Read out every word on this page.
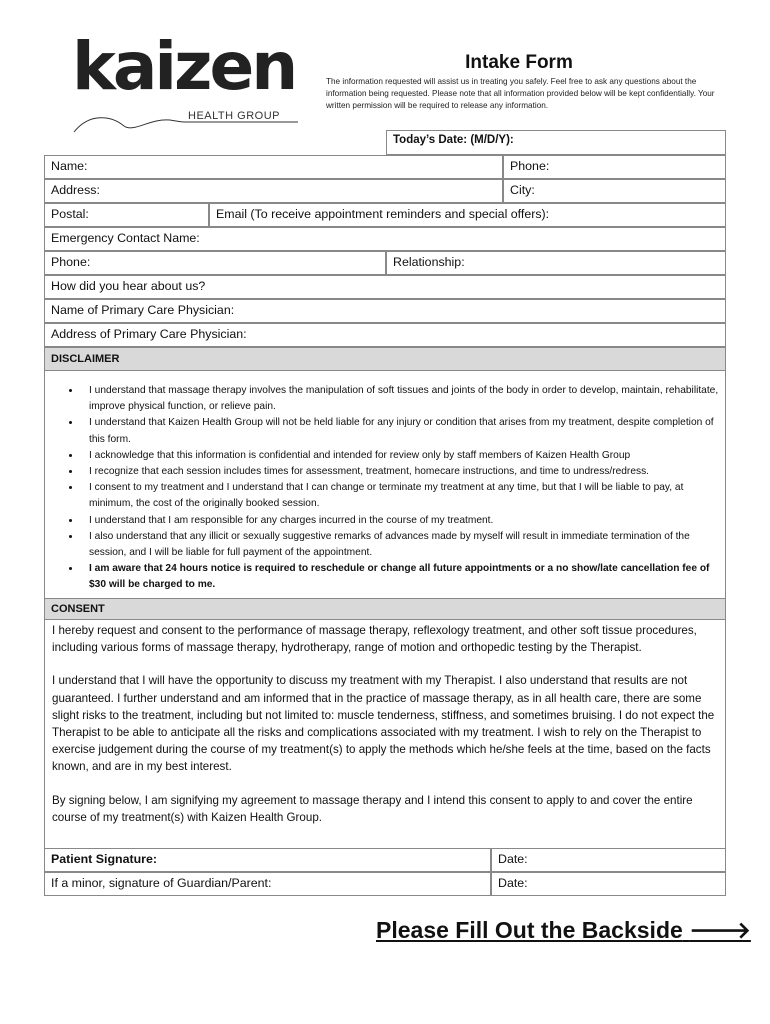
kaizen
HEALTH GROUP
Intake Form
The information requested will assist us in treating you safely. Feel free to ask any questions about the information being requested. Please note that all information provided below will be kept confidentially. Your written permission will be required to release any information.
Today’s Date: (M/D/Y):
Name:	Phone:
Address:	City:
Postal:	Email (To receive appointment reminders and special offers):
Emergency Contact Name:
Phone:	Relationship:
How did you hear about us?
Name of Primary Care Physician:
Address of Primary Care Physician:
DISCLAIMER
• I understand that massage therapy involves the manipulation of soft tissues and joints of the body in order to develop, maintain, rehabilitate, improve physical function, or relieve pain.
• I understand that Kaizen Health Group will not be held liable for any injury or condition that arises from my treatment, despite completion of this form.
• I acknowledge that this information is confidential and intended for review only by staff members of Kaizen Health Group
• I recognize that each session includes times for assessment, treatment, homecare instructions, and time to undress/redress.
• I consent to my treatment and I understand that I can change or terminate my treatment at any time, but that I will be liable to pay, at minimum, the cost of the originally booked session.
• I understand that I am responsible for any charges incurred in the course of my treatment.
• I also understand that any illicit or sexually suggestive remarks of advances made by myself will result in immediate termination of the session, and I will be liable for full payment of the appointment.
• I am aware that 24 hours notice is required to reschedule or change all future appointments or a no show/late cancellation fee of $30 will be charged to me.
CONSENT

I hereby request and consent to the performance of massage therapy, reflexology treatment, and other soft tissue procedures, including various forms of massage therapy, hydrotherapy, range of motion and orthopedic testing by the Therapist.

I understand that I will have the opportunity to discuss my treatment with my Therapist. I also understand that results are not guaranteed. I further understand and am informed that in the practice of massage therapy, as in all health care, there are some slight risks to the treatment, including but not limited to: muscle tenderness, stiffness, and sometimes bruising. I do not expect the Therapist to be able to anticipate all the risks and complications associated with my treatment. I wish to rely on the Therapist to exercise judgement during the course of my treatment(s) to apply the methods which he/she feels at the time, based on the facts known, and are in my best interest.

By signing below, I am signifying my agreement to massage therapy and I intend this consent to apply to and cover the entire course of my treatment(s) with Kaizen Health Group.

Patient Signature:	Date:
If a minor, signature of Guardian/Parent:	Date:
Please Fill Out the Backside 🡒
